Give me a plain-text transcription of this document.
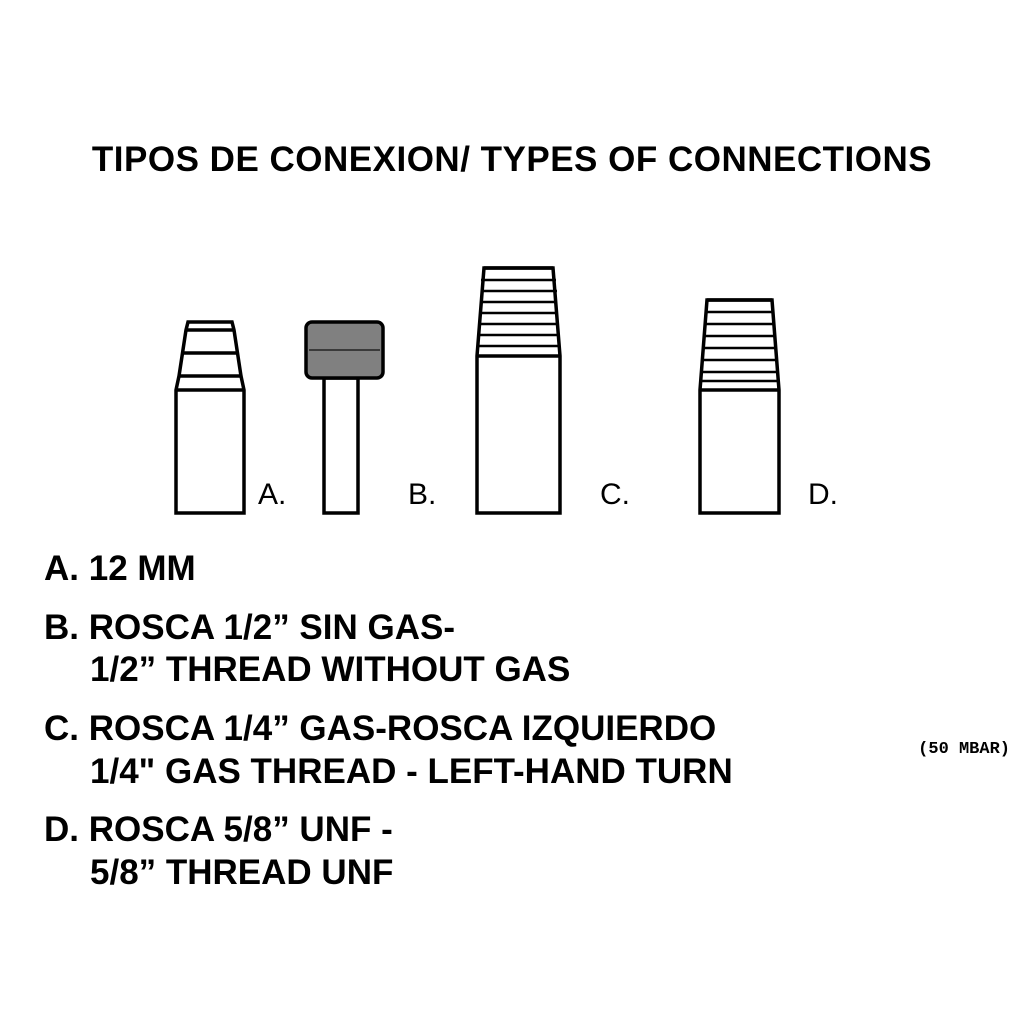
TIPOS DE CONEXION/ TYPES OF CONNECTIONS
A.	B.	C.	D.
A. 12 MM
B. ROSCA 1/2” SIN GAS-
1/2” THREAD WITHOUT GAS
C. ROSCA 1/4” GAS-ROSCA IZQUIERDO
1/4" GAS THREAD - LEFT-HAND TURN
D. ROSCA 5/8” UNF -
5/8” THREAD UNF
(50 MBAR)
